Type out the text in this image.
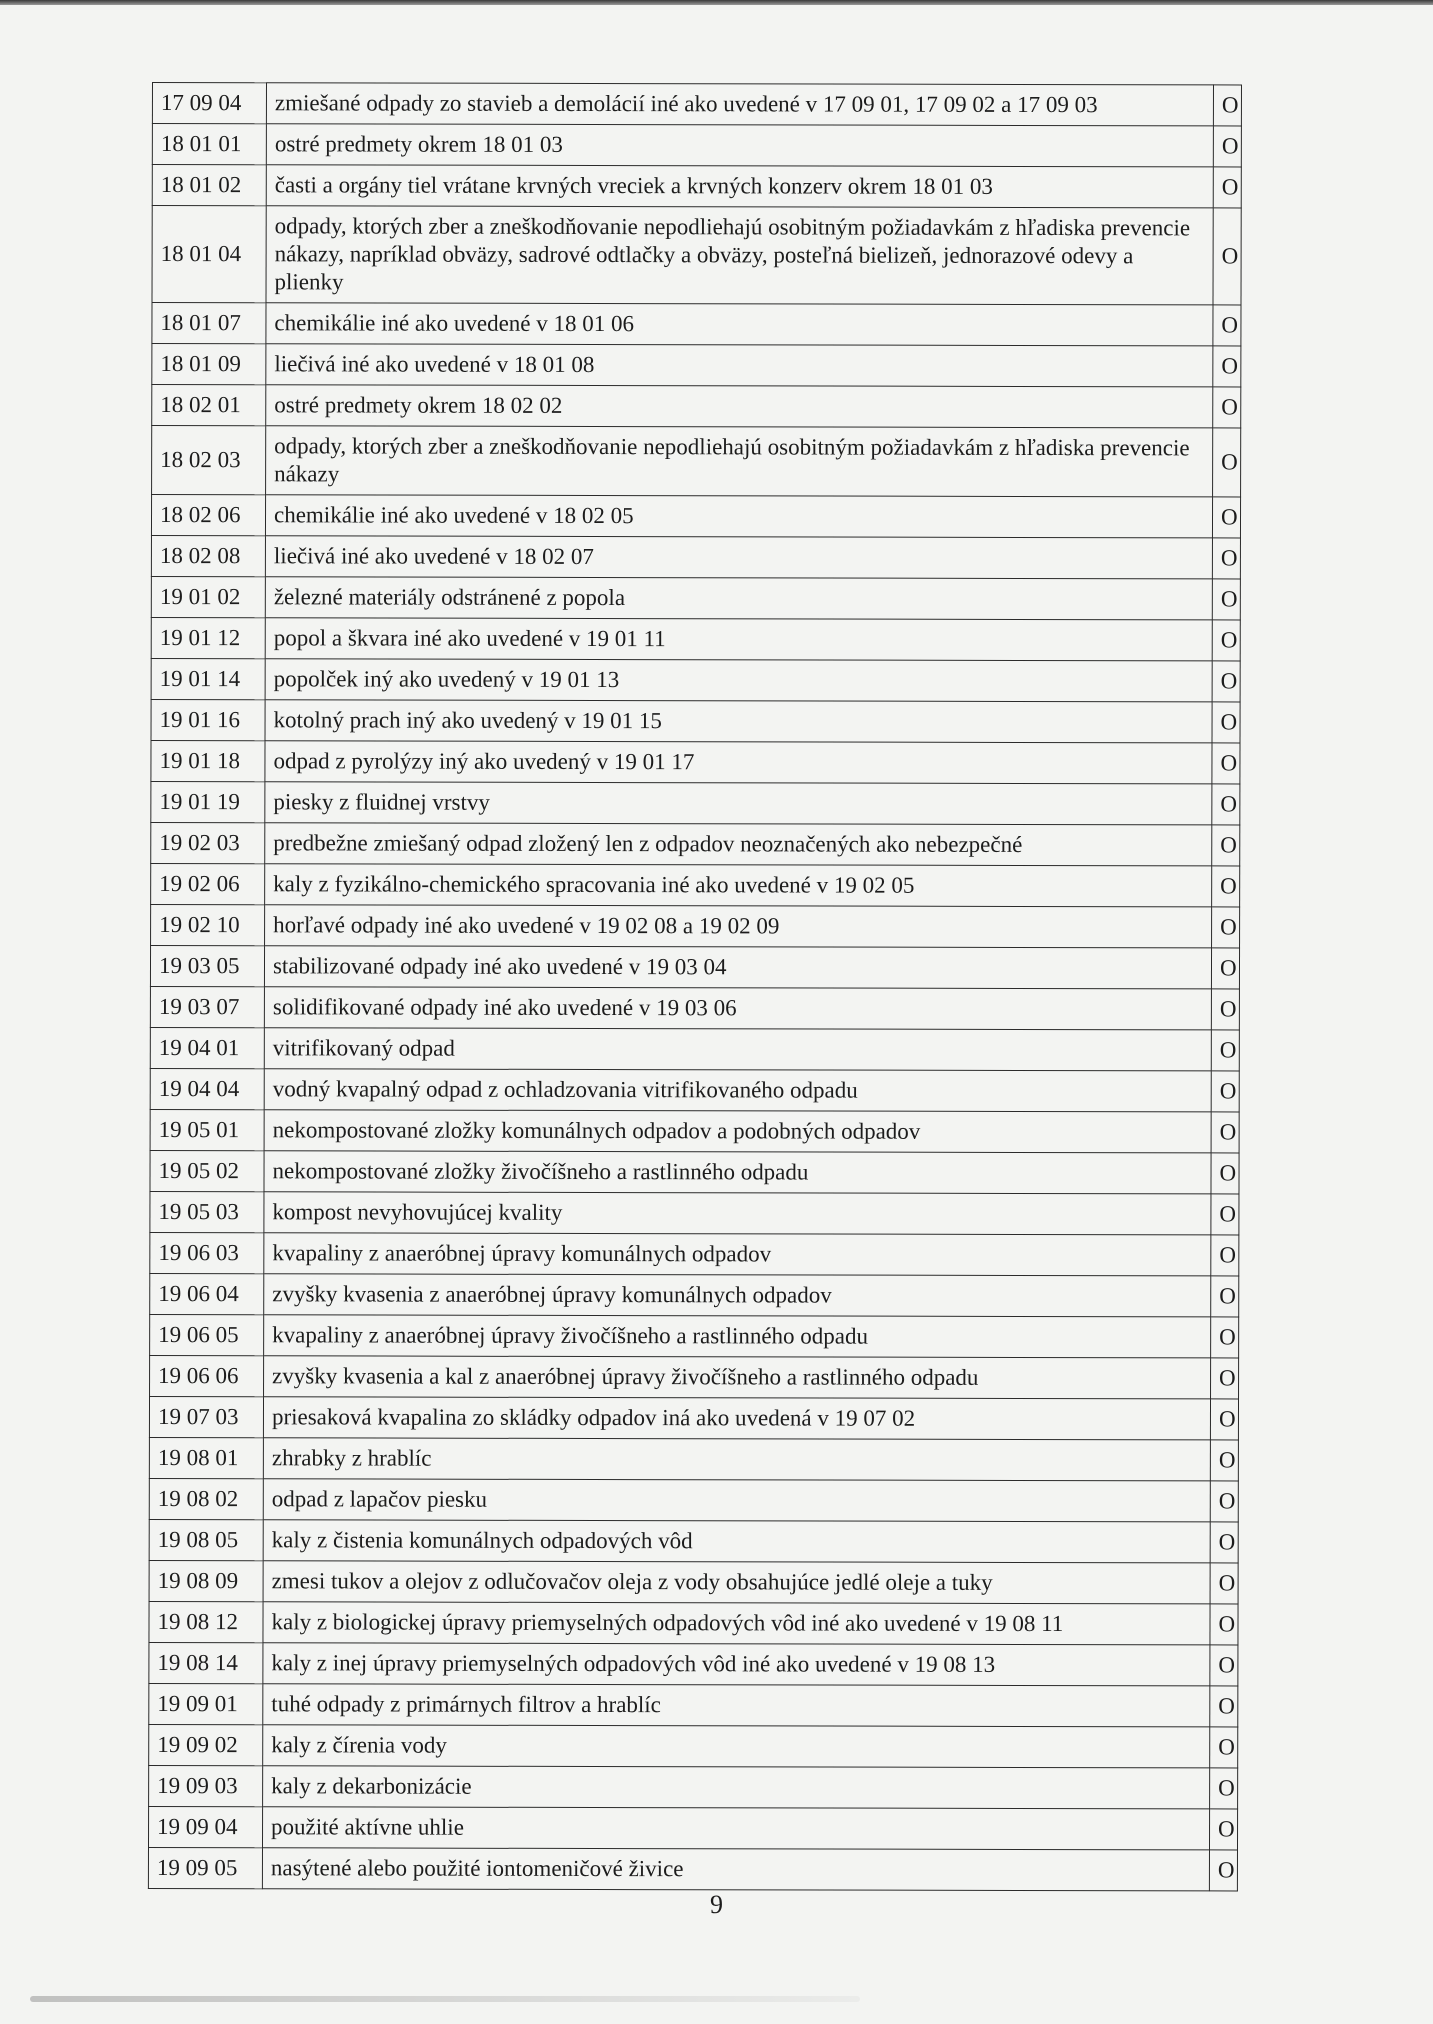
17 09 04	zmiešané odpady zo stavieb a demolácií iné ako uvedené v 17 09 01, 17 09 02 a 17 09 03	O
18 01 01	ostré predmety okrem 18 01 03	O
18 01 02	časti a orgány tiel vrátane krvných vreciek a krvných konzerv okrem 18 01 03	O
18 01 04	odpady, ktorých zber a zneškodňovanie nepodliehajú osobitným požiadavkám z hľadiska prevencie nákazy, napríklad obväzy, sadrové odtlačky a obväzy, posteľná bielizeň, jednorazové odevy a plienky	O
18 01 07	chemikálie iné ako uvedené v 18 01 06	O
18 01 09	liečivá iné ako uvedené v 18 01 08	O
18 02 01	ostré predmety okrem 18 02 02	O
18 02 03	odpady, ktorých zber a zneškodňovanie nepodliehajú osobitným požiadavkám z hľadiska prevencie nákazy	O
18 02 06	chemikálie iné ako uvedené v 18 02 05	O
18 02 08	liečivá iné ako uvedené v 18 02 07	O
19 01 02	železné materiály odstránené z popola	O
19 01 12	popol a škvara iné ako uvedené v 19 01 11	O
19 01 14	popolček iný ako uvedený v 19 01 13	O
19 01 16	kotolný prach iný ako uvedený v 19 01 15	O
19 01 18	odpad z pyrolýzy iný ako uvedený v 19 01 17	O
19 01 19	piesky z fluidnej vrstvy	O
19 02 03	predbežne zmiešaný odpad zložený len z odpadov neoznačených ako nebezpečné	O
19 02 06	kaly z fyzikálno-chemického spracovania iné ako uvedené v 19 02 05	O
19 02 10	horľavé odpady iné ako uvedené v 19 02 08 a 19 02 09	O
19 03 05	stabilizované odpady iné ako uvedené v 19 03 04	O
19 03 07	solidifikované odpady iné ako uvedené v 19 03 06	O
19 04 01	vitrifikovaný odpad	O
19 04 04	vodný kvapalný odpad z ochladzovania vitrifikovaného odpadu	O
19 05 01	nekompostované zložky komunálnych odpadov a podobných odpadov	O
19 05 02	nekompostované zložky živočíšneho a rastlinného odpadu	O
19 05 03	kompost nevyhovujúcej kvality	O
19 06 03	kvapaliny z anaeróbnej úpravy komunálnych odpadov	O
19 06 04	zvyšky kvasenia z anaeróbnej úpravy komunálnych odpadov	O
19 06 05	kvapaliny z anaeróbnej úpravy živočíšneho a rastlinného odpadu	O
19 06 06	zvyšky kvasenia a kal z anaeróbnej úpravy živočíšneho a rastlinného odpadu	O
19 07 03	priesaková kvapalina zo skládky odpadov iná ako uvedená v 19 07 02	O
19 08 01	zhrabky z hrablíc	O
19 08 02	odpad z lapačov piesku	O
19 08 05	kaly z čistenia komunálnych odpadových vôd	O
19 08 09	zmesi tukov a olejov z odlučovačov oleja z vody obsahujúce jedlé oleje a tuky	O
19 08 12	kaly z biologickej úpravy priemyselných odpadových vôd iné ako uvedené v 19 08 11	O
19 08 14	kaly z inej úpravy priemyselných odpadových vôd iné ako uvedené v 19 08 13	O
19 09 01	tuhé odpady z primárnych filtrov a hrablíc	O
19 09 02	kaly z čírenia vody	O
19 09 03	kaly z dekarbonizácie	O
19 09 04	použité aktívne uhlie	O
19 09 05	nasýtené alebo použité iontomeničové živice	O
9
